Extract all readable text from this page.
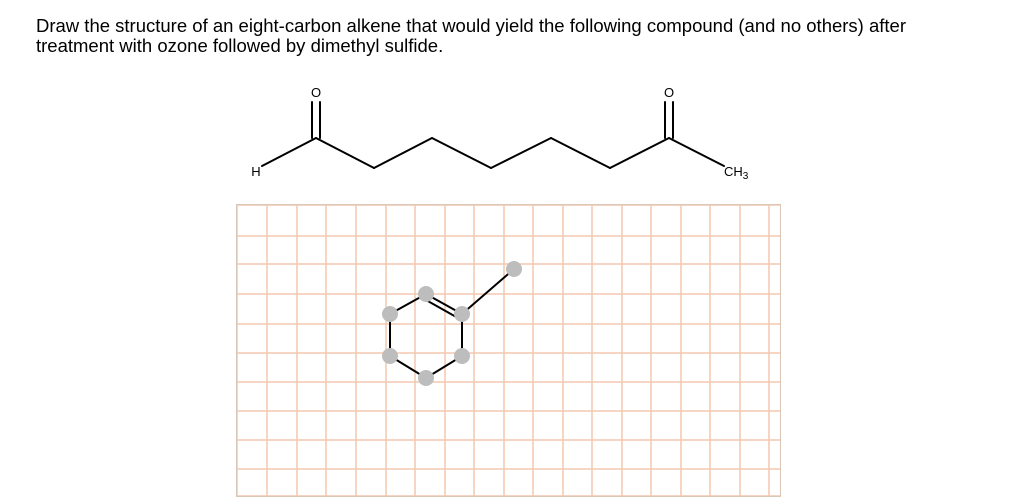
Draw the structure of an eight-carbon alkene that would yield the following compound (and no others) after
treatment with ozone followed by dimethyl sulfide.
O	O
H	$CH_3$
